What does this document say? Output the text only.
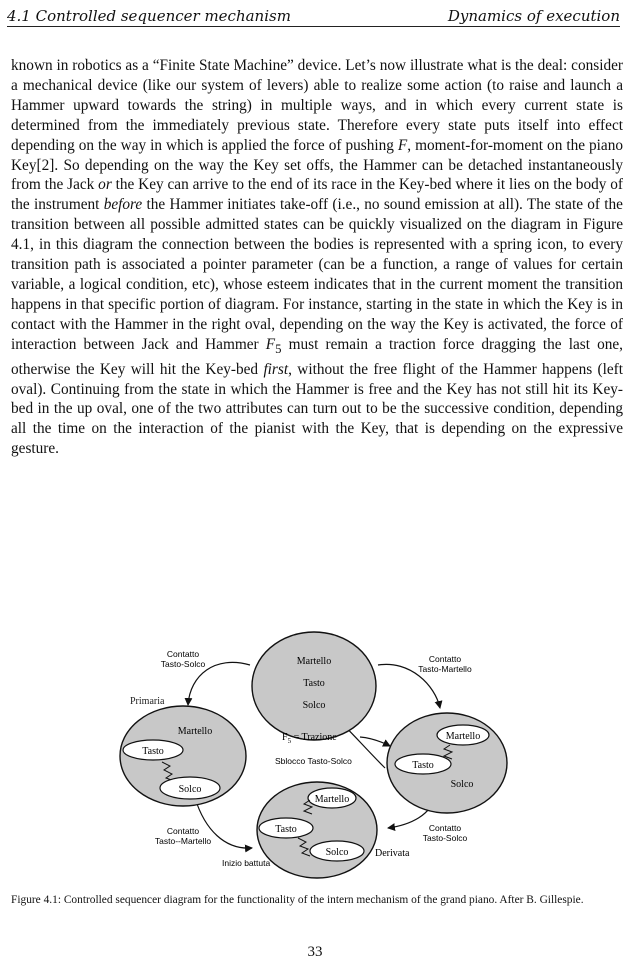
4.1 Controlled sequencer mechanism	Dynamics of execution

known in robotics as a “Finite State Machine” device. Let’s now illustrate what is the deal: consider a mechanical device (like our system of levers) able to realize some action (to raise and launch a Hammer upward towards the string) in multiple ways, and in which every current state is determined from the immediately previous state. Therefore every state puts itself into effect depending on the way in which is applied the force of pushing F, moment-for-moment on the piano Key[2]. So depending on the way the Key set offs, the Hammer can be detached instantaneously from the Jack or the Key can arrive to the end of its race in the Key-bed where it lies on the body of the instrument before the Hammer initiates take-off (i.e., no sound emission at all). The state of the transition between all possible admitted states can be quickly visualized on the diagram in Figure 4.1, in this diagram the connection between the bodies is represented with a spring icon, to every transition path is associated a pointer parameter (can be a function, a range of values for certain variable, a logical condition, etc), whose esteem indicates that in the current moment the transition happens in that specific portion of diagram. For instance, starting in the state in which the Key is in contact with the Hammer in the right oval, depending on the way the Key is activated, the force of interaction between Jack and Hammer $F_5$ must remain a traction force dragging the last one, otherwise the Key will hit the Key-bed first, without the free flight of the Hammer happens (left oval). Continuing from the state in which the Hammer is free and the Key has not still hit its Key-bed in the up oval, one of the two attributes can turn out to be the successive condition, depending all the time on the interaction of the pianist with the Key, that is depending on the expressive gesture.

Martello
Tasto
Solco
Martello
Tasto
Solco
Martello
Tasto
Solco
Martello
Tasto
Solco
Contatto
Tasto-Solco	Contatto
Tasto-Martello
Primaria
$F_5$ = Trazione
Sblocco Tasto-Solco
Contatto
Tasto--Martello
Inizio battuta
Derivata
Contatto
Tasto-Solco
Figure 4.1: Controlled sequencer diagram for the functionality of the intern mechanism of the grand piano. After B. Gillespie.
33
